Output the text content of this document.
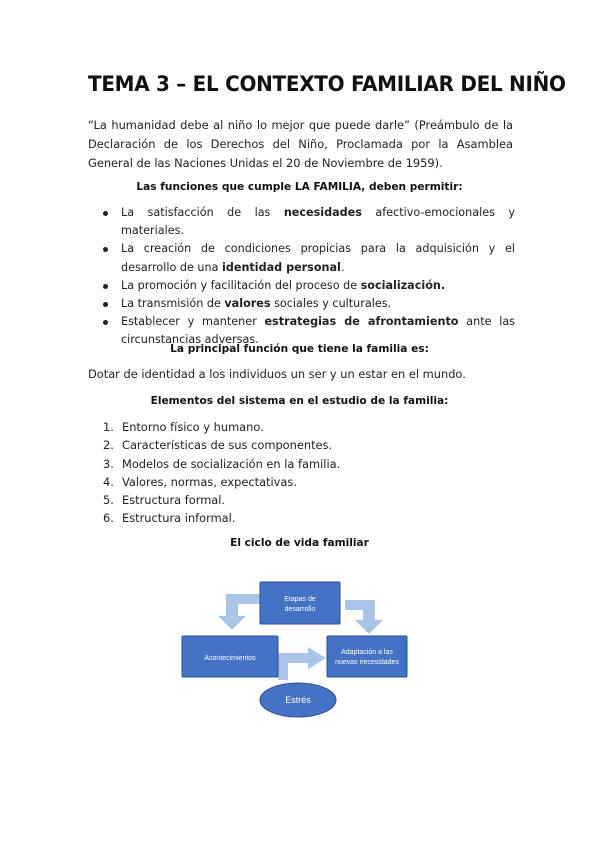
TEMA 3 – EL CONTEXTO FAMILIAR DEL NIÑO
“La humanidad debe al niño lo mejor que puede darle” (Preámbulo de la Declaración de los Derechos del Niño, Proclamada por la Asamblea General de las Naciones Unidas el 20 de Noviembre de 1959).
Las funciones que cumple LA FAMILIA, deben permitir:
La satisfacción de las necesidades afectivo-emocionales y materiales.
La creación de condiciones propicias para la adquisición y el desarrollo de una identidad personal.
La promoción y facilitación del proceso de socialización.
La transmisión de valores sociales y culturales.
Establecer y mantener estrategias de afrontamiento ante las circunstancias adversas.
La principal función que tiene la familia es:
Dotar de identidad a los individuos un ser y un estar en el mundo.
Elementos del sistema en el estudio de la familia:
1. Entorno físico y humano.
2. Características de sus componentes.
3. Modelos de socialización en la familia.
4. Valores, normas, expectativas.
5. Estructura formal.
6. Estructura informal.
El ciclo de vida familiar
Etapas de
desarrollo
Acontecimientos
Adaptación a las
nuevas necesidades
Estrés
